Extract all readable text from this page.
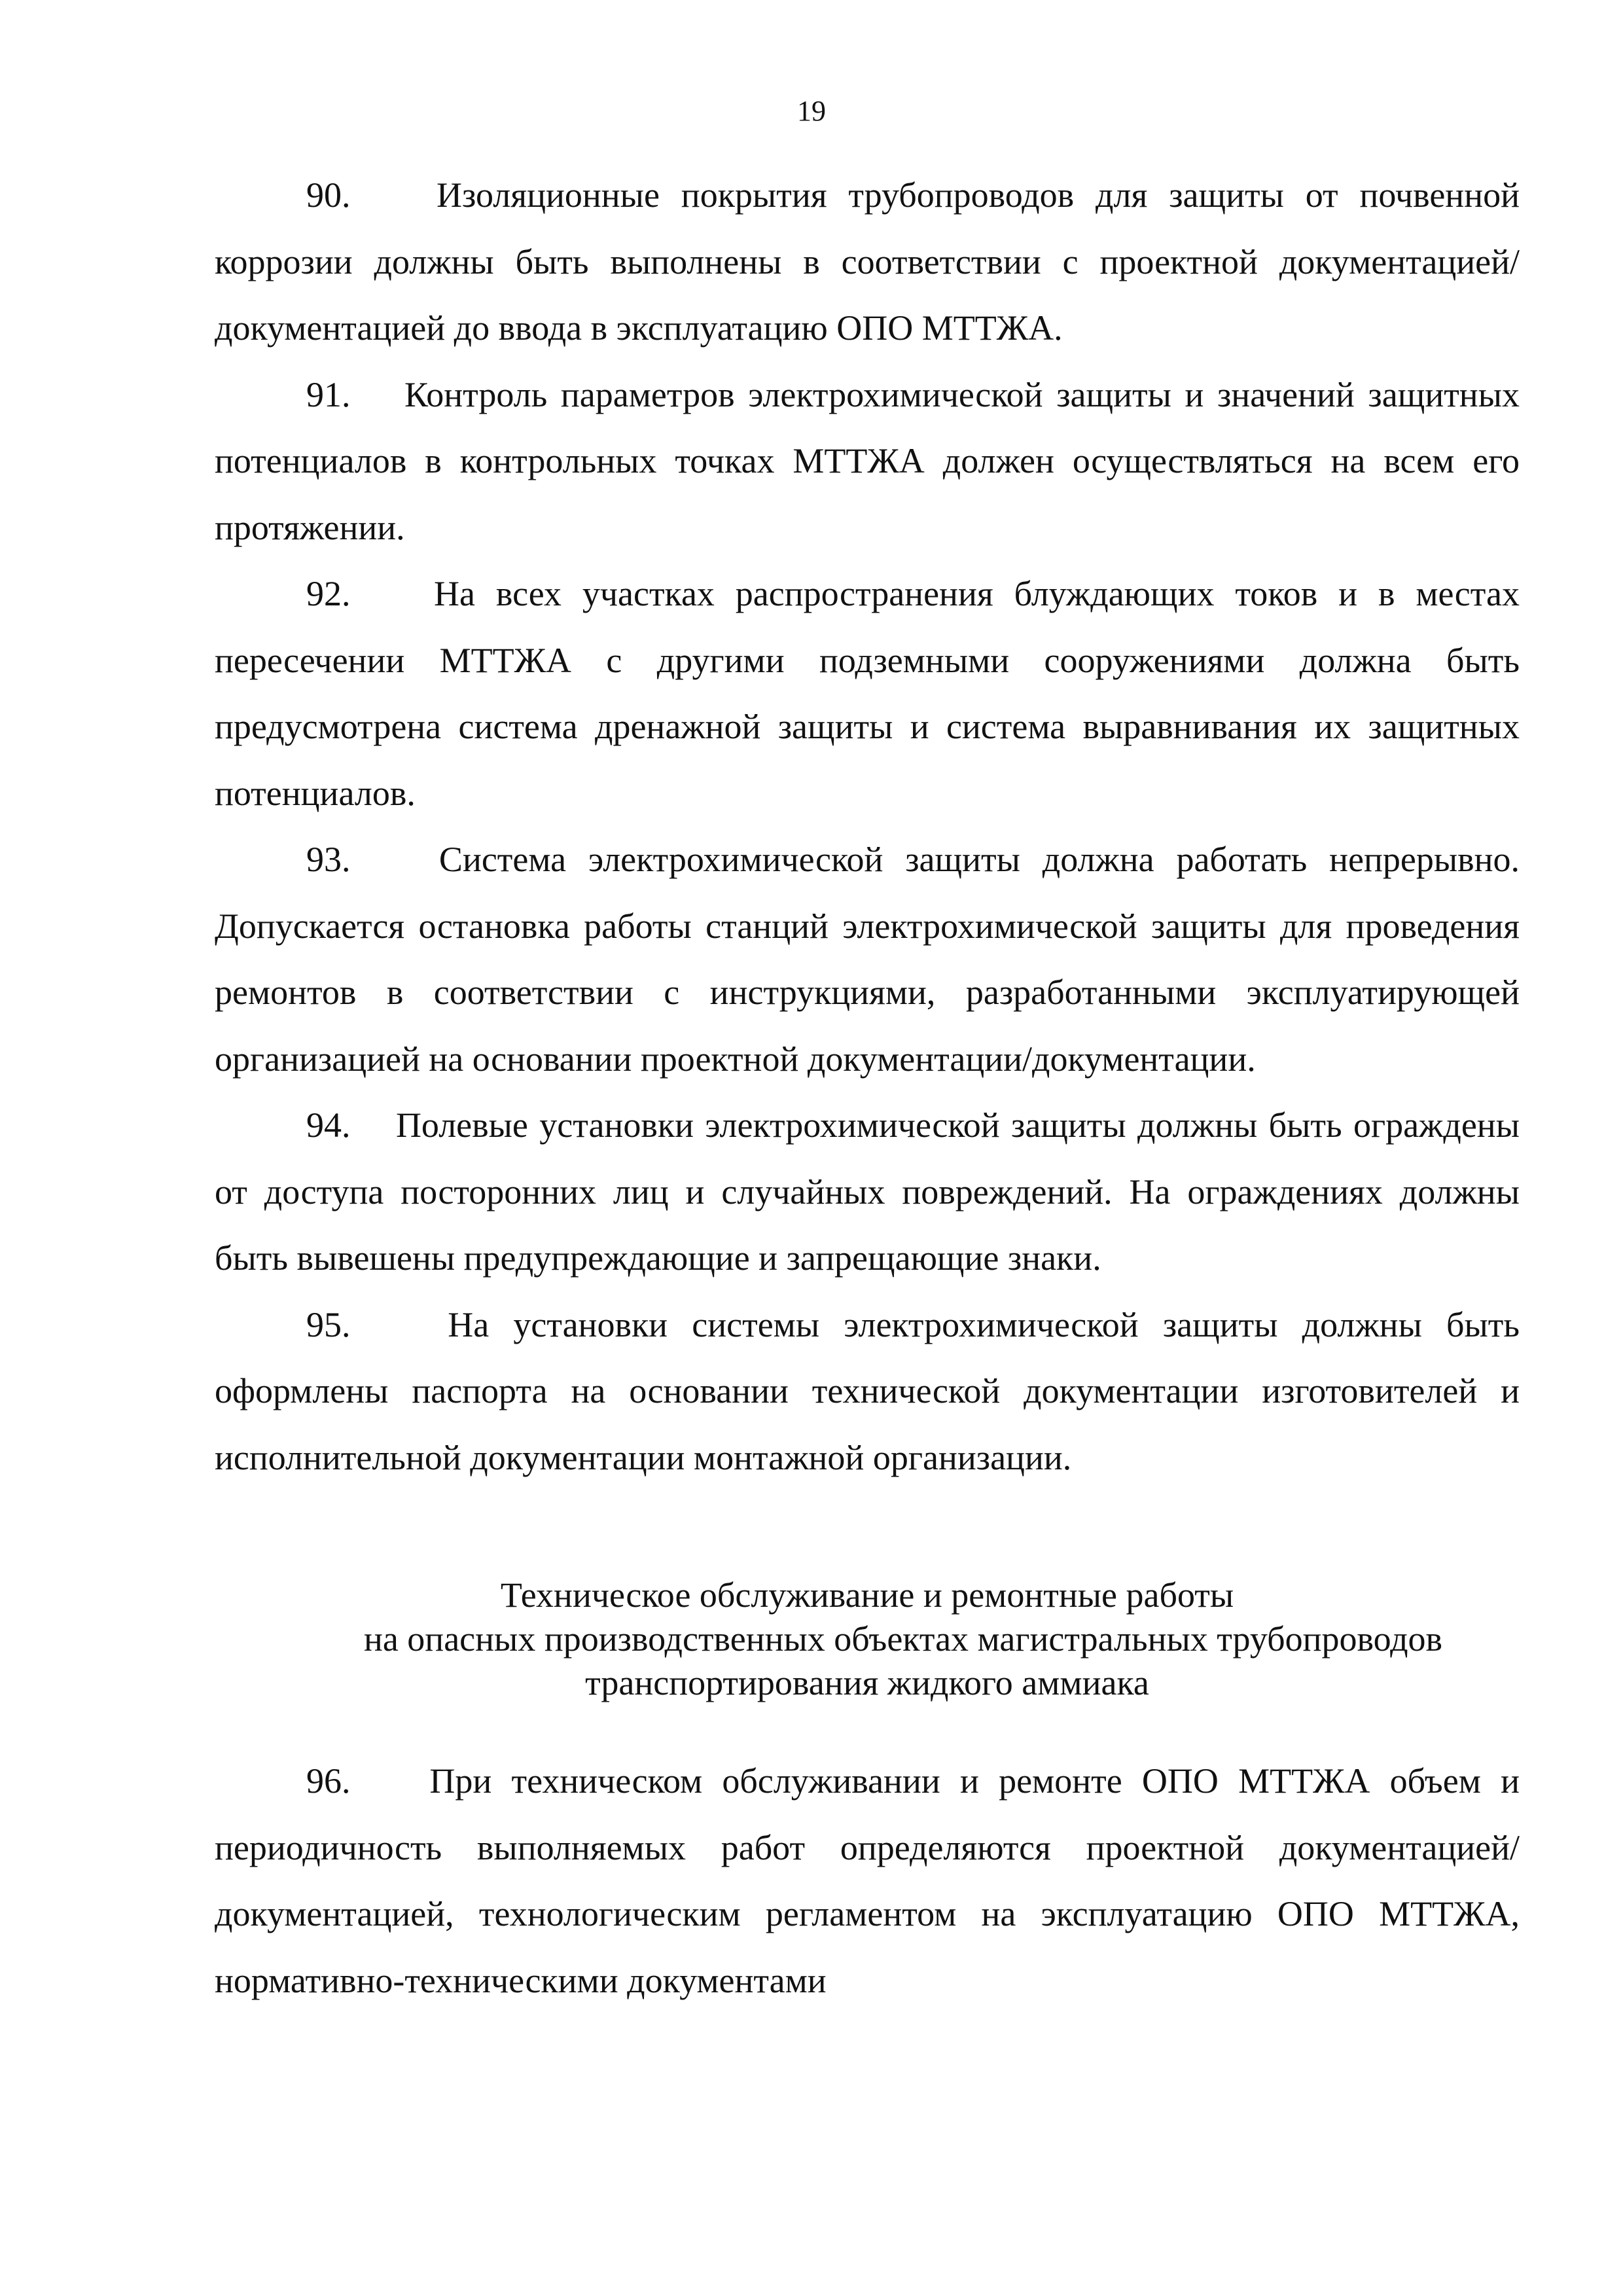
19

90. Изоляционные покрытия трубопроводов для защиты от почвенной коррозии должны быть выполнены в соответствии с проектной документацией/документацией до ввода в эксплуатацию ОПО МТТЖА.

91. Контроль параметров электрохимической защиты и значений защитных потенциалов в контрольных точках МТТЖА должен осуществляться на всем его протяжении.

92. На всех участках распространения блуждающих токов и в местах пересечении МТТЖА с другими подземными сооружениями должна быть предусмотрена система дренажной защиты и система выравнивания их защитных потенциалов.

93.	Система электрохимической защиты должна работать непрерывно. Допускается остановка работы станций электрохимической защиты для проведения ремонтов в соответствии с инструкциями, разработанными эксплуатирующей организацией на основании проектной документации/документации.

94. Полевые установки электрохимической защиты должны быть ограждены от доступа посторонних лиц и случайных повреждений. На ограждениях должны быть вывешены предупреждающие и запрещающие знаки.

95.	На установки системы электрохимической защиты должны быть оформлены паспорта на основании технической документации изготовителей и исполнительной документации монтажной организации.

Техническое обслуживание и ремонтные работы
на опасных производственных объектах магистральных трубопроводов
транспортирования жидкого аммиака

96. При техническом обслуживании и ремонте ОПО МТТЖА объем и периодичность выполняемых работ определяются проектной документацией/документацией, технологическим регламентом на эксплуатацию ОПО МТТЖА, нормативно-техническими документами
